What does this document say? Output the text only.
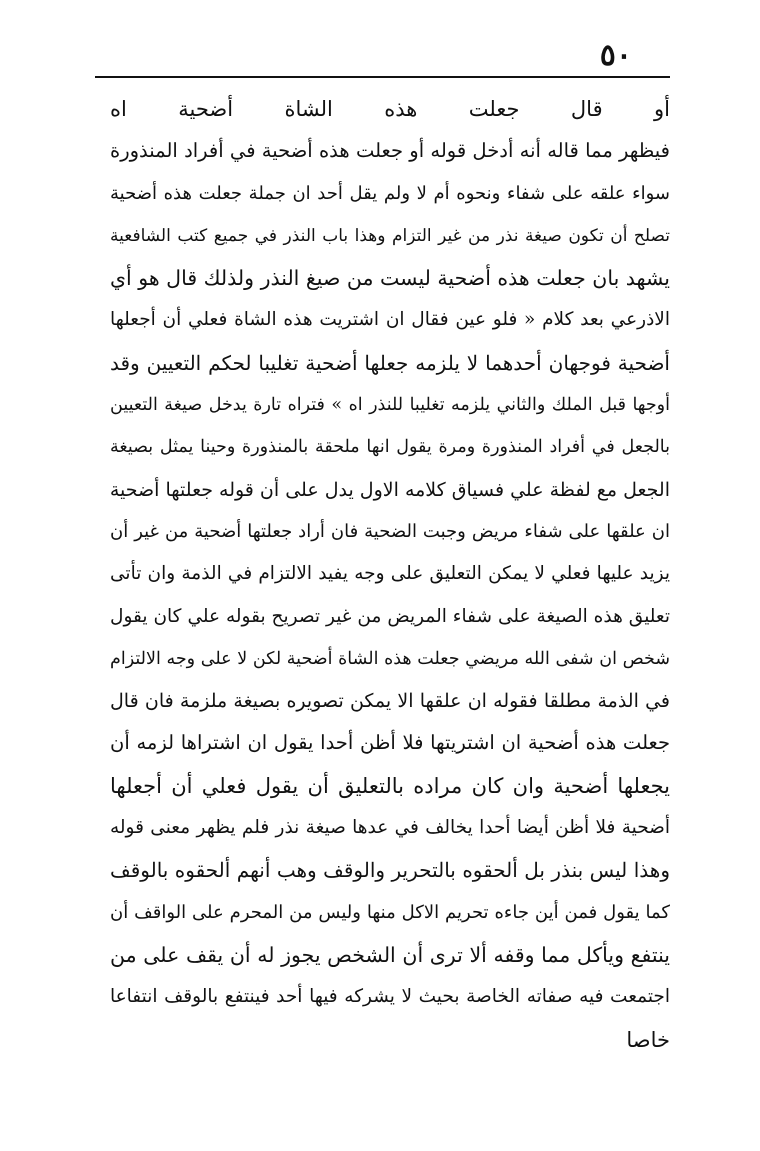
٥٠
أو قال جعلت هذه الشاة أضحية اه
فيظهر مما قاله أنه أدخل قوله أو جعلت هذه أضحية في أفراد المنذورة
سواء علقه على شفاء ونحوه أم لا ولم يقل أحد ان جملة جعلت هذه أضحية
تصلح أن تكون صيغة نذر من غير التزام وهذا باب النذر في جميع كتب الشافعية
يشهد بان جعلت هذه أضحية ليست من صيغ النذر ولذلك قال هو أي
الاذرعي بعد كلام « فلو عين فقال ان اشتريت هذه الشاة فعلي أن أجعلها
أضحية فوجهان أحدهما لا يلزمه جعلها أضحية تغليبا لحكم التعيين وقد
أوجها قبل الملك والثاني يلزمه تغليبا للنذر اه » فتراه تارة يدخل صيغة التعيين
بالجعل في أفراد المنذورة ومرة يقول انها ملحقة بالمنذورة وحينا يمثل بصيغة
الجعل مع لفظة علي فسياق كلامه الاول يدل على أن قوله جعلتها أضحية
ان علقها على شفاء مريض وجبت الضحية فان أراد جعلتها أضحية من غير أن
يزيد عليها فعلي لا يمكن التعليق على وجه يفيد الالتزام في الذمة وان تأتى
تعليق هذه الصيغة على شفاء المريض من غير تصريح بقوله علي كان يقول
شخص ان شفى الله مريضي جعلت هذه الشاة أضحية لكن لا على وجه الالتزام
في الذمة مطلقا فقوله ان علقها الا يمكن تصويره بصيغة ملزمة فان قال
جعلت هذه أضحية ان اشتريتها فلا أظن أحدا يقول ان اشتراها لزمه أن
يجعلها أضحية وان كان مراده بالتعليق أن يقول فعلي أن أجعلها
أضحية فلا أظن أيضا أحدا يخالف في عدها صيغة نذر فلم يظهر معنى قوله
وهذا ليس بنذر بل ألحقوه بالتحرير والوقف وهب أنهم ألحقوه بالوقف
كما يقول فمن أين جاءه تحريم الاكل منها وليس من المحرم على الواقف أن
ينتفع ويأكل مما وقفه ألا ترى أن الشخص يجوز له أن يقف على من
اجتمعت فيه صفاته الخاصة بحيث لا يشركه فيها أحد فينتفع بالوقف انتفاعا
خاصا
